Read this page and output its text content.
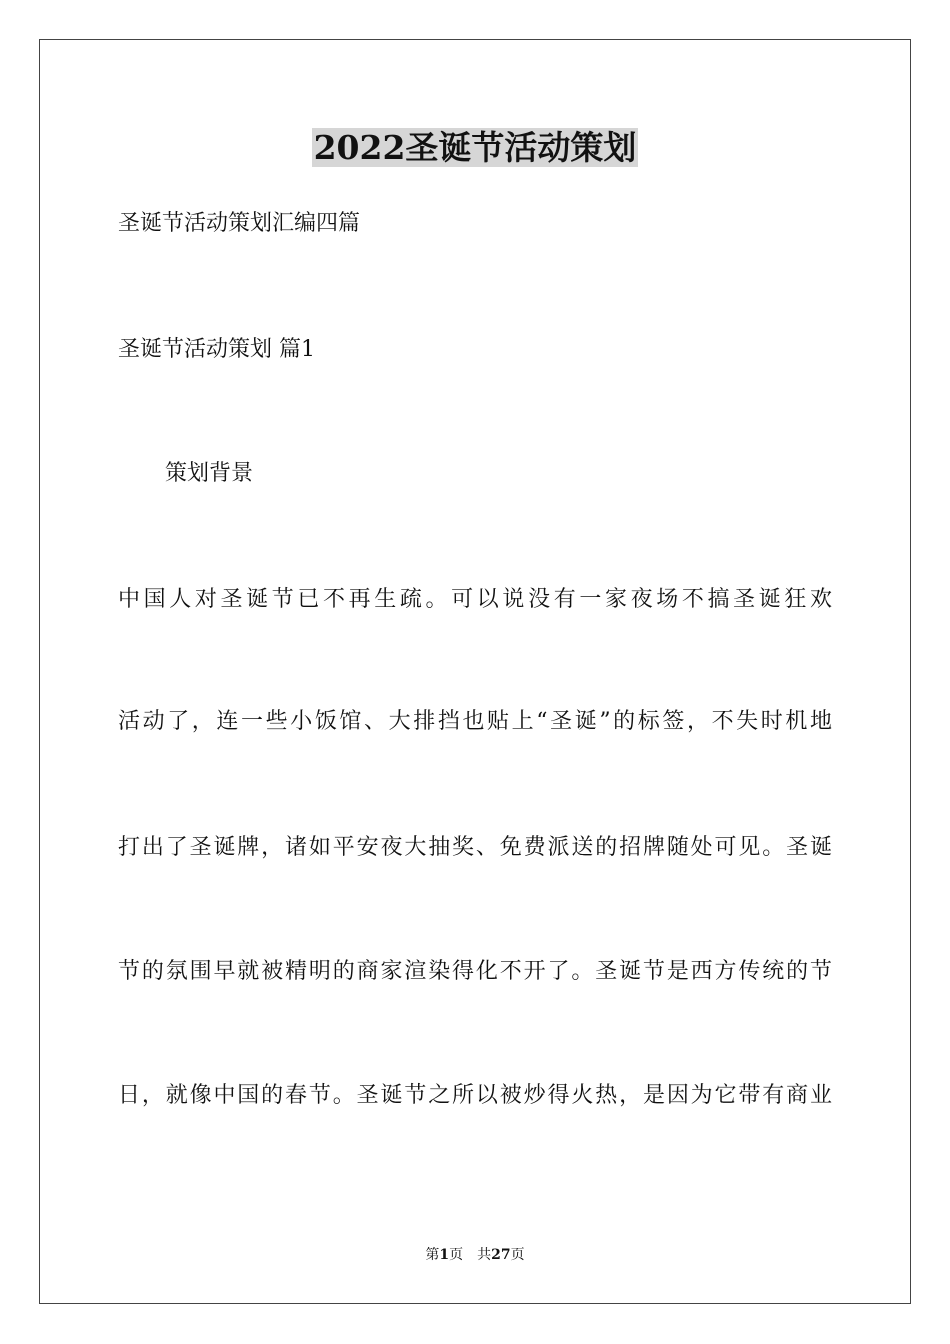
2022圣诞节活动策划
圣诞节活动策划汇编四篇
圣诞节活动策划 篇1
策划背景
中国人对圣诞节已不再生疏。可以说没有一家夜场不搞圣诞狂欢
活动了，连一些小饭馆、大排挡也贴上“圣诞”的标签，不失时机地
打出了圣诞牌，诸如平安夜大抽奖、免费派送的招牌随处可见。圣诞
节的氛围早就被精明的商家渲染得化不开了。圣诞节是西方传统的节
日，就像中国的春节。圣诞节之所以被炒得火热，是因为它带有商业
第1页 共27页
